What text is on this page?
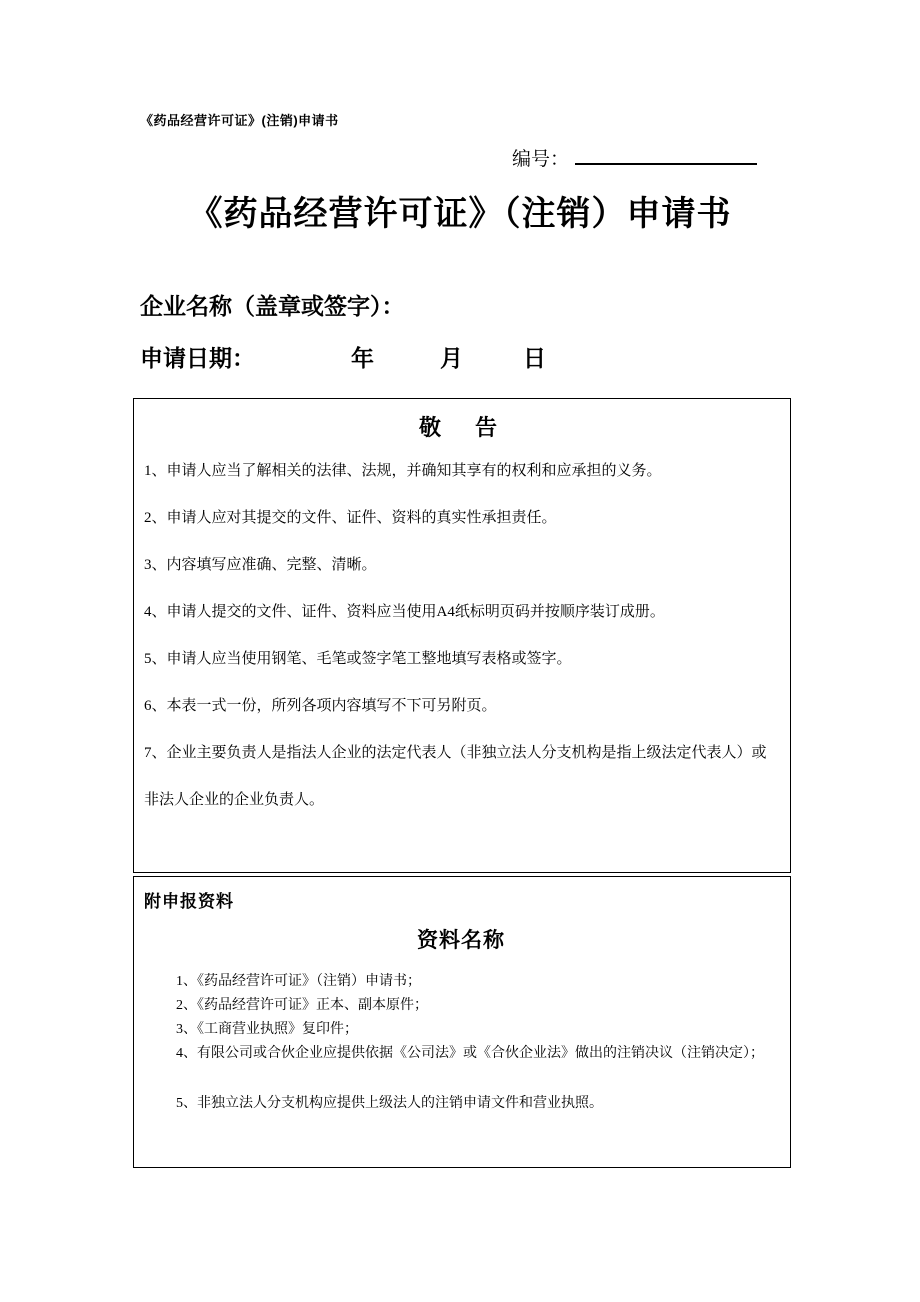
《药品经营许可证》(注销)申请书
编号：
《药品经营许可证》（注销）申请书
企业名称（盖章或签字）：
申请日期：	年	月	日
敬　告

1、申请人应当了解相关的法律、法规，并确知其享有的权利和应承担的义务。

2、申请人应对其提交的文件、证件、资料的真实性承担责任。

3、内容填写应准确、完整、清晰。

4、申请人提交的文件、证件、资料应当使用A4纸标明页码并按顺序装订成册。

5、申请人应当使用钢笔、毛笔或签字笔工整地填写表格或签字。

6、本表一式一份，所列各项内容填写不下可另附页。

7、企业主要负责人是指法人企业的法定代表人（非独立法人分支机构是指上级法定代表人）或非法人企业的企业负责人。

附申报资料
资料名称

1、《药品经营许可证》（注销）申请书；

2、《药品经营许可证》正本、副本原件；

3、《工商营业执照》复印件；

4、有限公司或合伙企业应提供依据《公司法》或《合伙企业法》做出的注销决议（注销决定）；

5、非独立法人分支机构应提供上级法人的注销申请文件和营业执照。
